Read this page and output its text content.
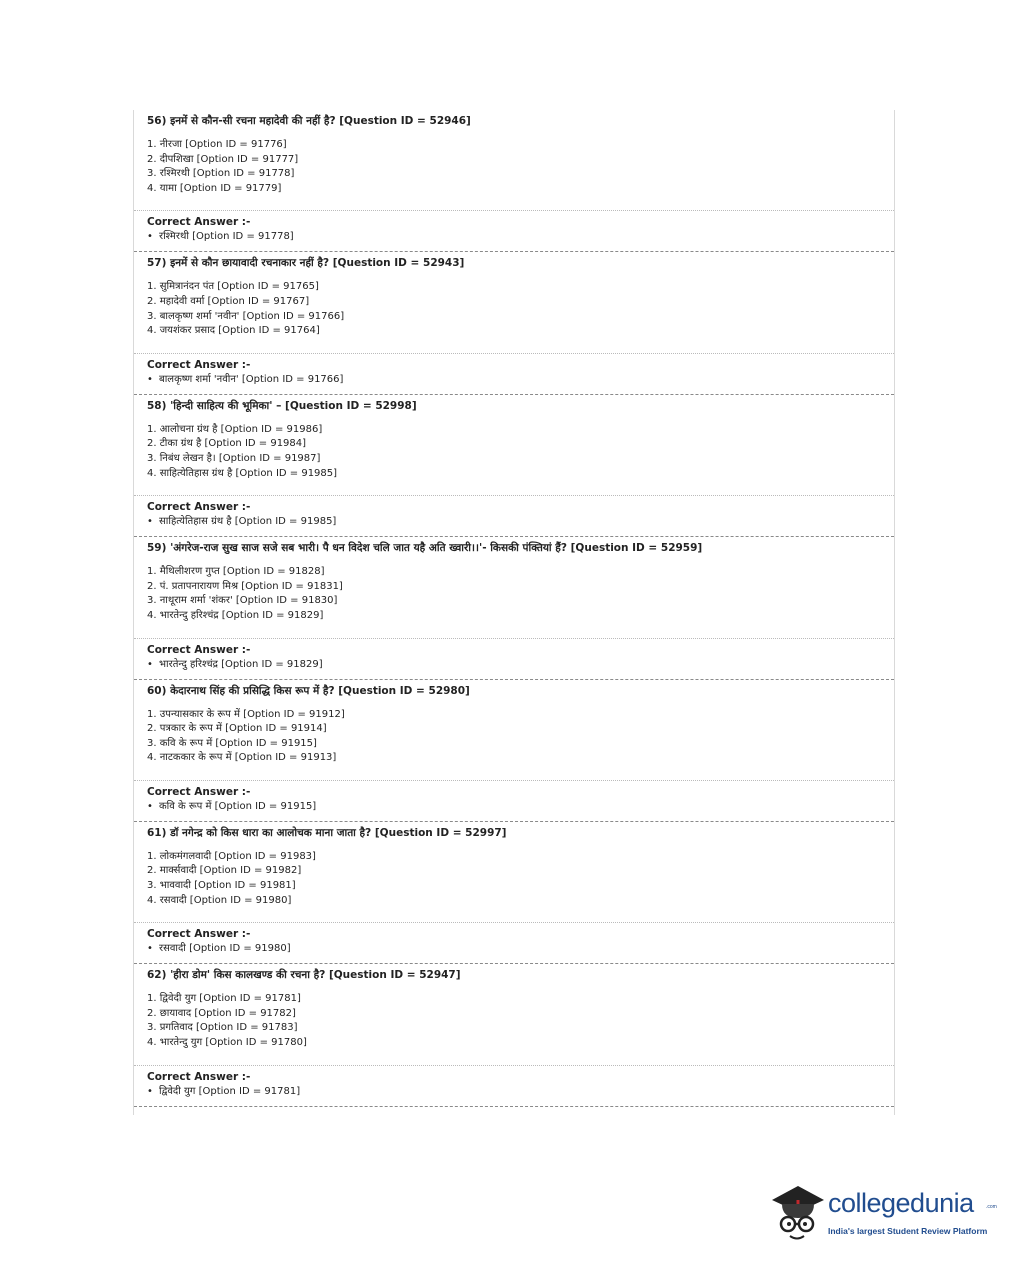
56) इनमें से कौन-सी रचना महादेवी की नहीं है? [Question ID = 52946]

1. नीरजा [Option ID = 91776]
2. दीपशिखा [Option ID = 91777]
3. रश्मिरथी [Option ID = 91778]
4. यामा [Option ID = 91779]

Correct Answer :-

• रश्मिरथी [Option ID = 91778]

57) इनमें से कौन छायावादी रचनाकार नहीं है? [Question ID = 52943]

1. सुमित्रानंदन पंत [Option ID = 91765]
2. महादेवी वर्मा [Option ID = 91767]
3. बालकृष्ण शर्मा 'नवीन' [Option ID = 91766]
4. जयशंकर प्रसाद [Option ID = 91764]

Correct Answer :-

• बालकृष्ण शर्मा 'नवीन' [Option ID = 91766]

58) 'हिन्दी साहित्य की भूमिका' – [Question ID = 52998]

1. आलोचना ग्रंथ है [Option ID = 91986]
2. टीका ग्रंथ है [Option ID = 91984]
3. निबंध लेखन है। [Option ID = 91987]
4. साहित्येतिहास ग्रंथ है [Option ID = 91985]

Correct Answer :-

• साहित्येतिहास ग्रंथ है [Option ID = 91985]

59) 'अंगरेज-राज सुख साज सजे सब भारी। पै धन विदेश चलि जात यहै अति ख्वारी।।'- किसकी पंक्तियां हैं? [Question ID = 52959]

1. मैथिलीशरण गुप्त [Option ID = 91828]
2. पं. प्रतापनारायण मिश्र [Option ID = 91831]
3. नाथूराम शर्मा 'शंकर' [Option ID = 91830]
4. भारतेन्दु हरिश्चंद्र [Option ID = 91829]

Correct Answer :-

• भारतेन्दु हरिश्चंद्र [Option ID = 91829]

60) केदारनाथ सिंह की प्रसिद्धि किस रूप में है? [Question ID = 52980]

1. उपन्यासकार के रूप में [Option ID = 91912]
2. पत्रकार के रूप में [Option ID = 91914]
3. कवि के रूप में [Option ID = 91915]
4. नाटककार के रूप में [Option ID = 91913]

Correct Answer :-

• कवि के रूप में [Option ID = 91915]

61) डॉ नगेन्द्र को किस धारा का आलोचक माना जाता है? [Question ID = 52997]

1. लोकमंगलवादी [Option ID = 91983]
2. मार्क्सवादी [Option ID = 91982]
3. भाववादी [Option ID = 91981]
4. रसवादी [Option ID = 91980]

Correct Answer :-

• रसवादी [Option ID = 91980]

62) 'हीरा डोम' किस कालखण्ड की रचना है? [Question ID = 52947]

1. द्विवेदी युग [Option ID = 91781]
2. छायावाद [Option ID = 91782]
3. प्रगतिवाद [Option ID = 91783]
4. भारतेन्दु युग [Option ID = 91780]

Correct Answer :-

• द्विवेदी युग [Option ID = 91781]

collegedunia .com
India's largest Student Review Platform
